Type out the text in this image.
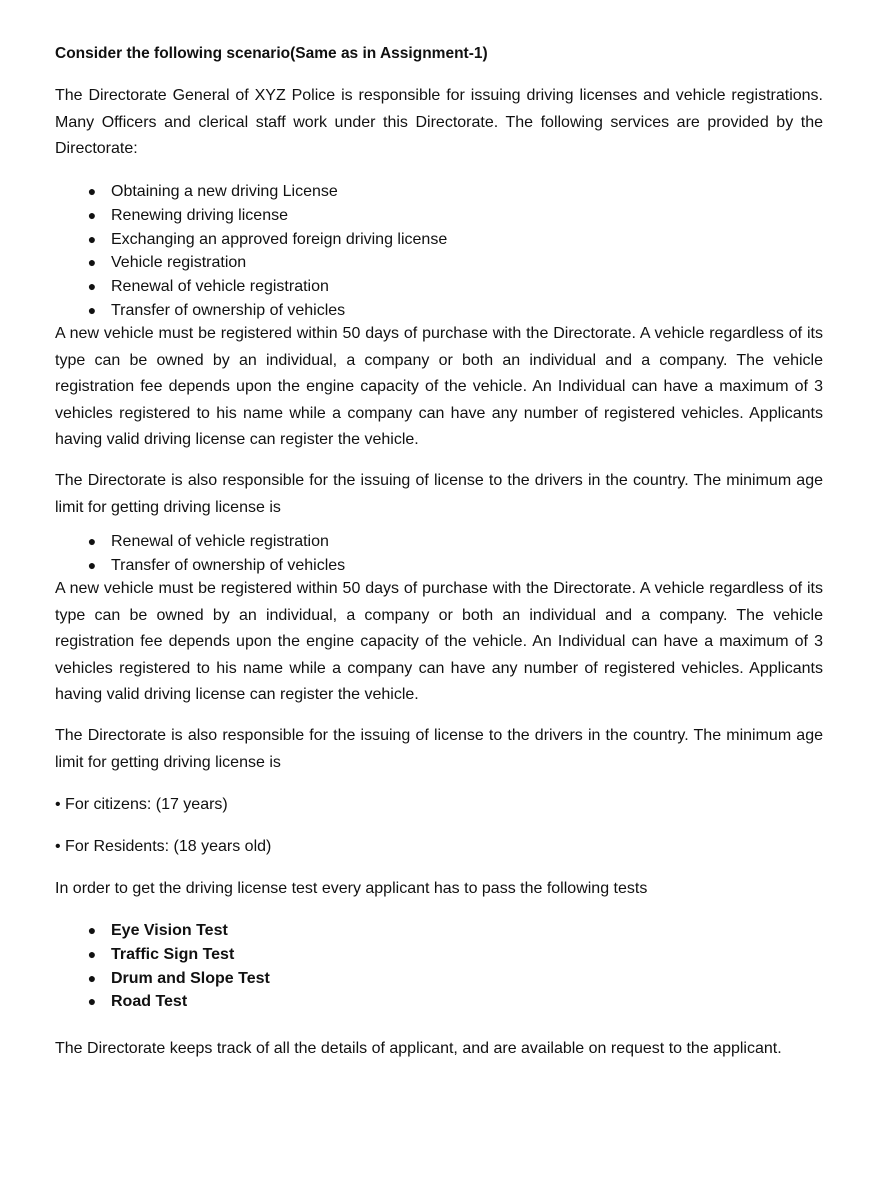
Consider the following scenario(Same as in Assignment-1)
The Directorate General of XYZ Police is responsible for issuing driving licenses and vehicle registrations. Many Officers and clerical staff work under this Directorate. The following services are provided by the Directorate:
● Obtaining a new driving License
● Renewing driving license
● Exchanging an approved foreign driving license
● Vehicle registration
● Renewal of vehicle registration
● Transfer of ownership of vehicles
A new vehicle must be registered within 50 days of purchase with the Directorate. A vehicle regardless of its type can be owned by an individual, a company or both an individual and a company. The vehicle registration fee depends upon the engine capacity of the vehicle. An Individual can have a maximum of 3 vehicles registered to his name while a company can have any number of registered vehicles. Applicants having valid driving license can register the vehicle.
The Directorate is also responsible for the issuing of license to the drivers in the country. The minimum age limit for getting driving license is
● Renewal of vehicle registration
● Transfer of ownership of vehicles
A new vehicle must be registered within 50 days of purchase with the Directorate. A vehicle regardless of its type can be owned by an individual, a company or both an individual and a company. The vehicle registration fee depends upon the engine capacity of the vehicle. An Individual can have a maximum of 3 vehicles registered to his name while a company can have any number of registered vehicles. Applicants having valid driving license can register the vehicle.
The Directorate is also responsible for the issuing of license to the drivers in the country. The minimum age limit for getting driving license is
• For citizens: (17 years)
• For Residents: (18 years old)
In order to get the driving license test every applicant has to pass the following tests
● Eye Vision Test
● Traffic Sign Test
● Drum and Slope Test
● Road Test
The Directorate keeps track of all the details of applicant, and are available on request to the applicant.
